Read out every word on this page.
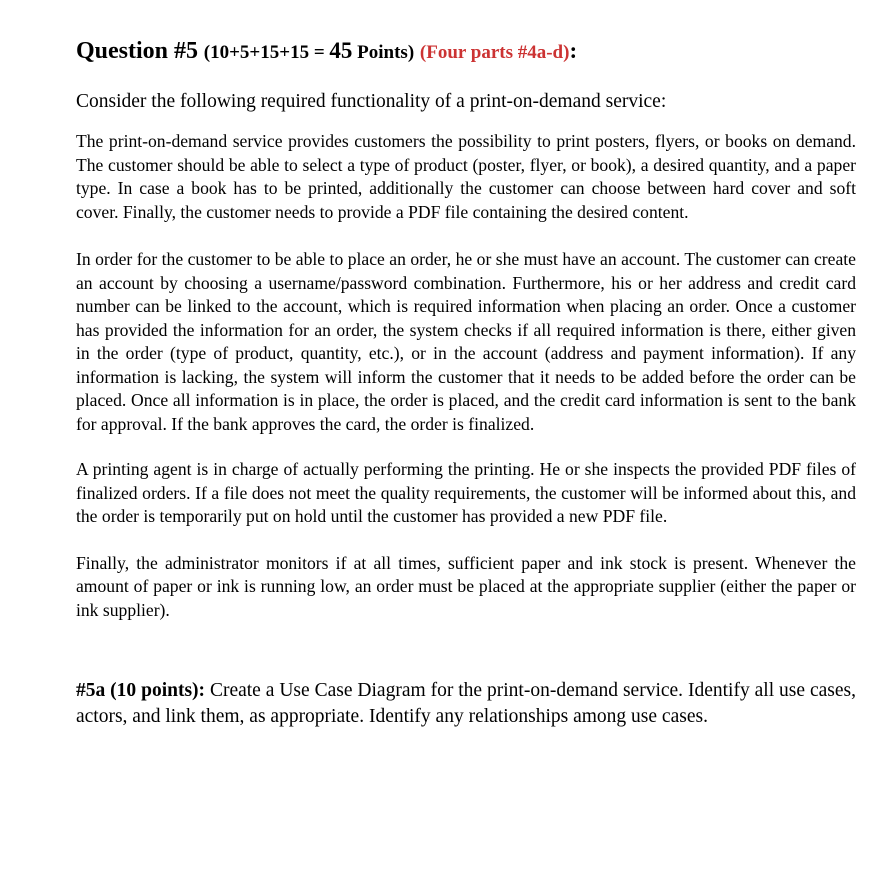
Question #5 (10+5+15+15 = 45 Points) (Four parts #4a-d):

Consider the following required functionality of a print-on-demand service:

The print-on-demand service provides customers the possibility to print posters, flyers, or books on demand. The customer should be able to select a type of product (poster, flyer, or book), a desired quantity, and a paper type. In case a book has to be printed, additionally the customer can choose between hard cover and soft cover. Finally, the customer needs to provide a PDF file containing the desired content.

In order for the customer to be able to place an order, he or she must have an account. The customer can create an account by choosing a username/password combination. Furthermore, his or her address and credit card number can be linked to the account, which is required information when placing an order. Once a customer has provided the information for an order, the system checks if all required information is there, either given in the order (type of product, quantity, etc.), or in the account (address and payment information). If any information is lacking, the system will inform the customer that it needs to be added before the order can be placed. Once all information is in place, the order is placed, and the credit card information is sent to the bank for approval. If the bank approves the card, the order is finalized.

A printing agent is in charge of actually performing the printing. He or she inspects the provided PDF files of finalized orders. If a file does not meet the quality requirements, the customer will be informed about this, and the order is temporarily put on hold until the customer has provided a new PDF file.

Finally, the administrator monitors if at all times, sufficient paper and ink stock is present. Whenever the amount of paper or ink is running low, an order must be placed at the appropriate supplier (either the paper or ink supplier).

#5a (10 points): Create a Use Case Diagram for the print-on-demand service. Identify all use cases, actors, and link them, as appropriate. Identify any relationships among use cases.
